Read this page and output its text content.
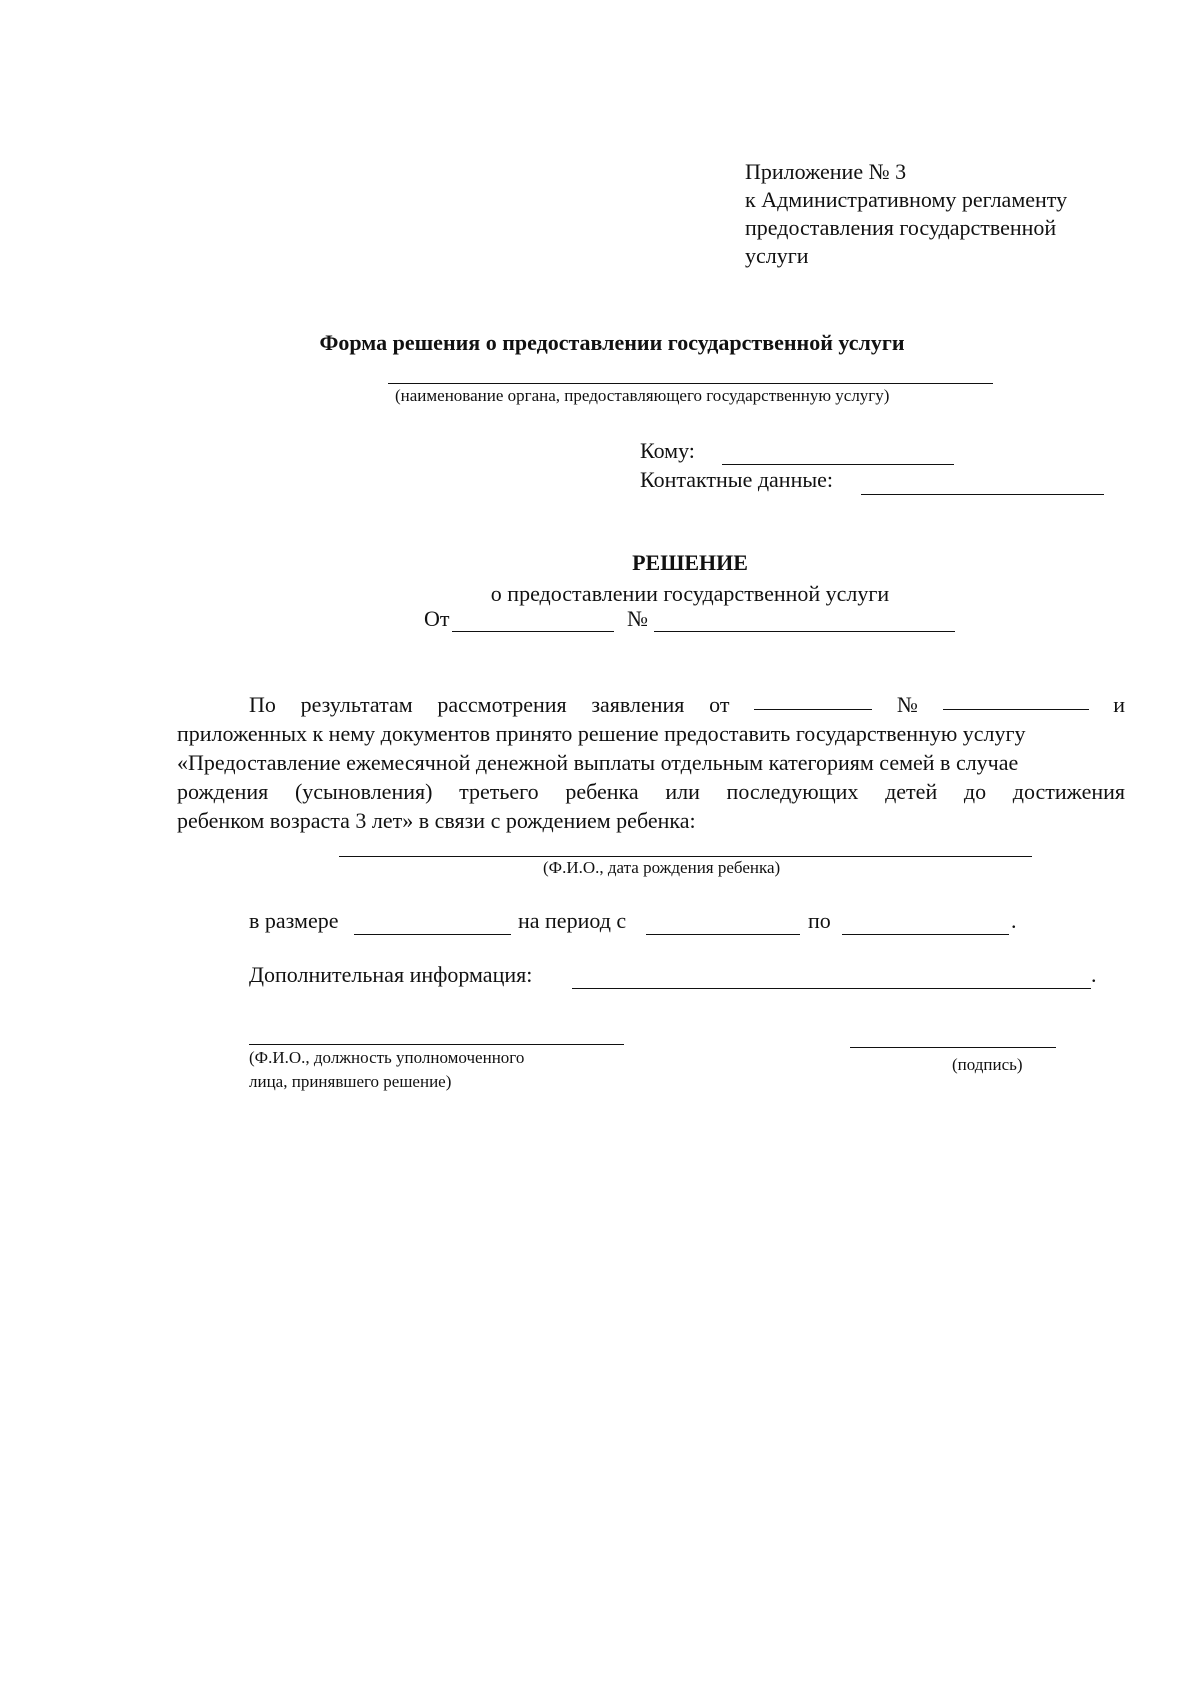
Приложение № 3
к Административному регламенту
предоставления государственной
услуги
Форма решения о предоставлении государственной услуги
(наименование органа, предоставляющего государственную услугу)
Кому:
Контактные данные:
РЕШЕНИЕ
о предоставлении государственной услуги
От	№
По результатам рассмотрения заявления от	№	и
приложенных к нему документов принято решение предоставить государственную услугу
«Предоставление ежемесячной денежной выплаты отдельным категориям семей в случае
рождения (усыновления) третьего ребенка или последующих детей до достижения
ребенком возраста 3 лет» в связи с рождением ребенка:
(Ф.И.О., дата рождения ребенка)
в размере	на период с	по	.
Дополнительная информация:	.
(Ф.И.О., должность уполномоченного
лица, принявшего решение)
(подпись)
